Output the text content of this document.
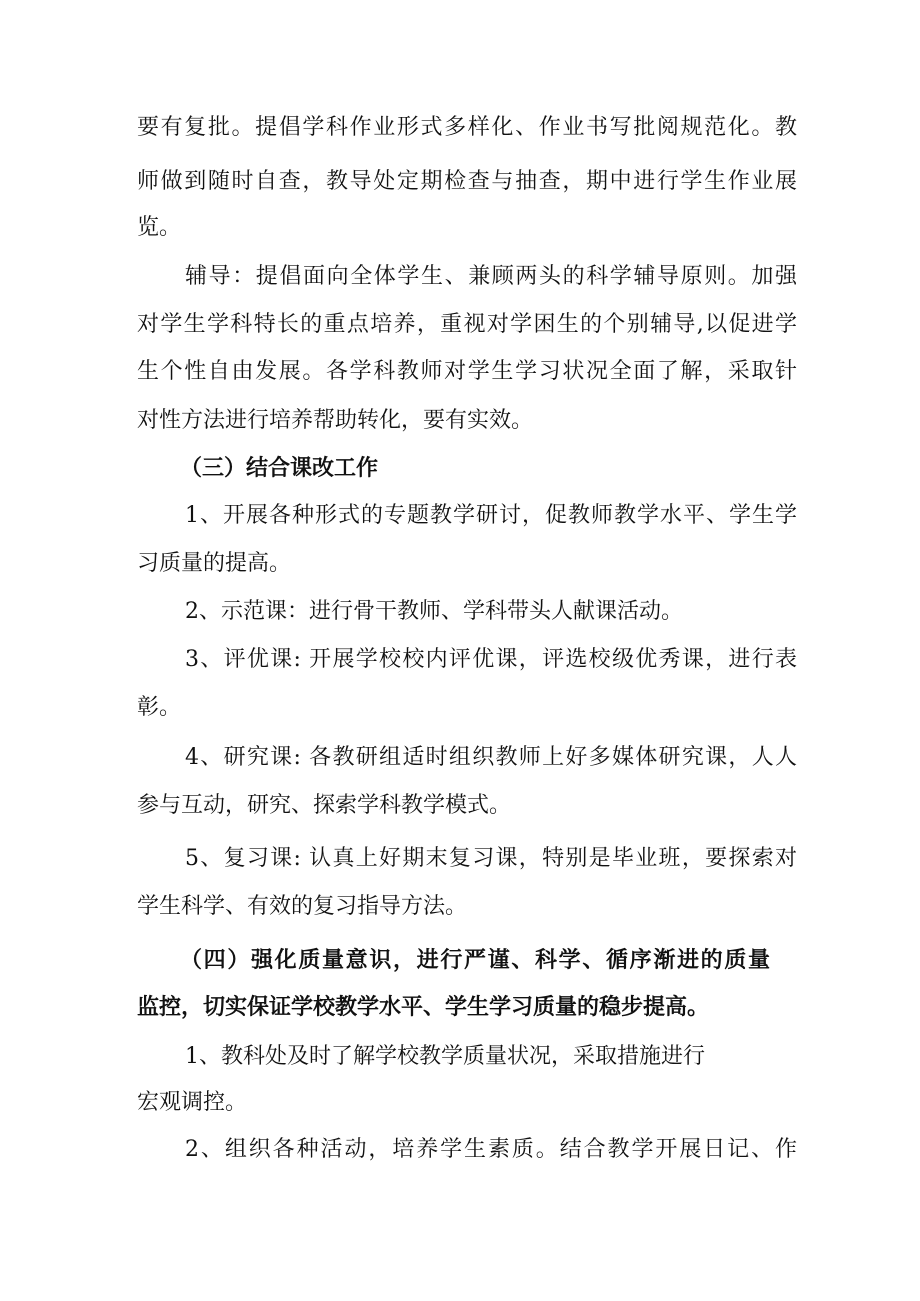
要有复批。提倡学科作业形式多样化、作业书写批阅规范化。教
师做到随时自查，教导处定期检查与抽查，期中进行学生作业展
览。
辅导：提倡面向全体学生、兼顾两头的科学辅导原则。加强
对学生学科特长的重点培养，重视对学困生的个别辅导,以促进学
生个性自由发展。各学科教师对学生学习状况全面了解，采取针
对性方法进行培养帮助转化，要有实效。
（三）结合课改工作
1、开展各种形式的专题教学研讨，促教师教学水平、学生学
习质量的提高。
2、示范课：进行骨干教师、学科带头人献课活动。
3、评优课: 开展学校校内评优课，评选校级优秀课，进行表
彰。
4、研究课: 各教研组适时组织教师上好多媒体研究课，人人
参与互动，研究、探索学科教学模式。
5、复习课: 认真上好期末复习课，特别是毕业班，要探索对
学生科学、有效的复习指导方法。
（四）强化质量意识，进行严谨、科学、循序渐进的质量
监控，切实保证学校教学水平、学生学习质量的稳步提高。
1、教科处及时了解学校教学质量状况，采取措施进行
宏观调控。
2、组织各种活动，培养学生素质。结合教学开展日记、作
